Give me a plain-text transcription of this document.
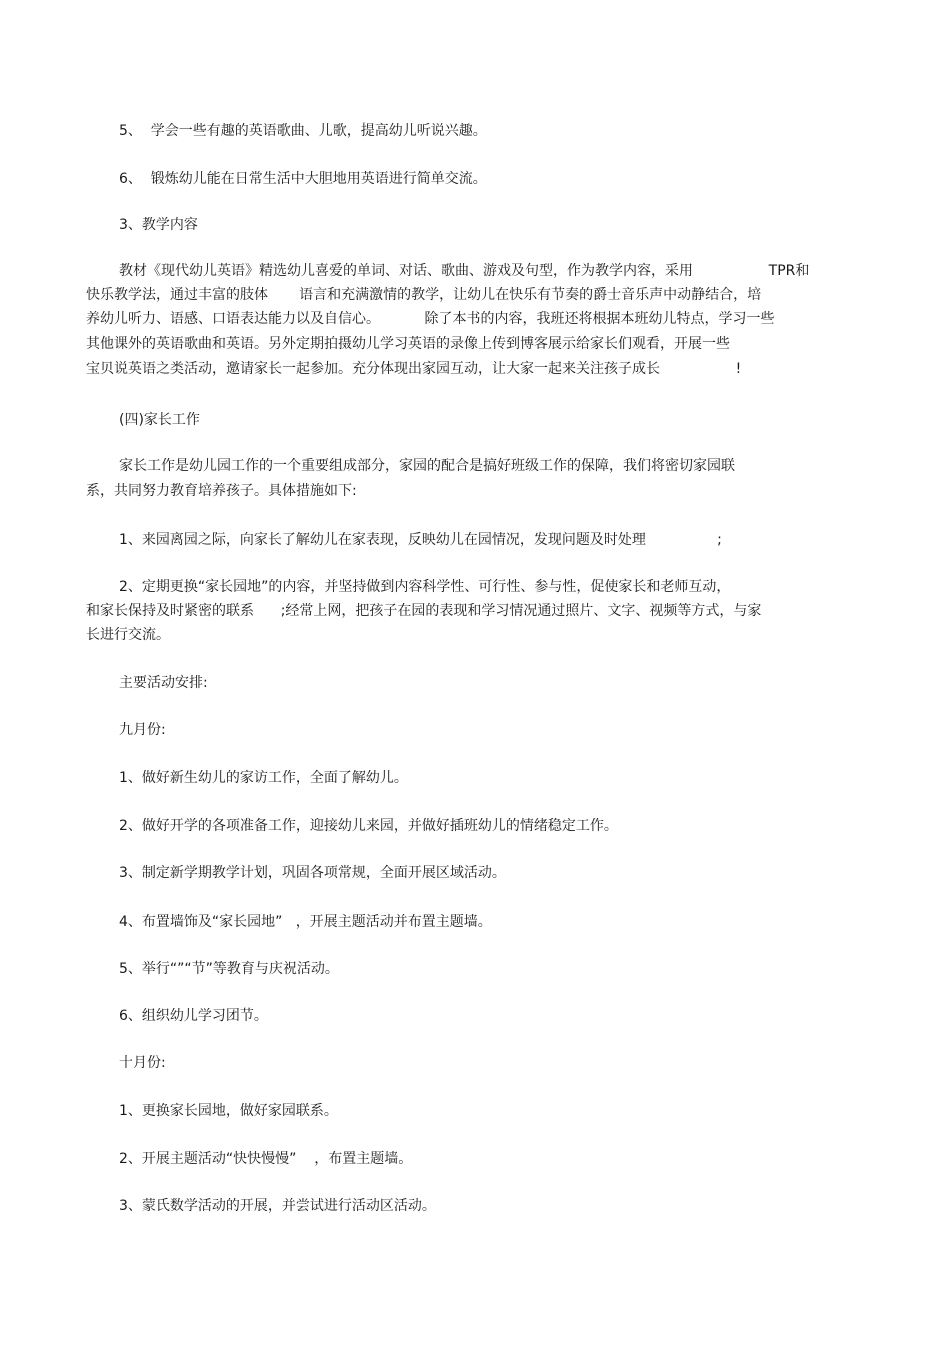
5、  学会一些有趣的英语歌曲、儿歌，提高幼儿听说兴趣。
6、  锻炼幼儿能在日常生活中大胆地用英语进行简单交流。
3、教学内容
教材《现代幼儿英语》精选幼儿喜爱的单词、对话、歌曲、游戏及句型，作为教学内容，采用                 TPR和
快乐教学法，通过丰富的肢体       语言和充满激情的教学，让幼儿在快乐有节奏的爵士音乐声中动静结合，培
养幼儿听力、语感、口语表达能力以及自信心。          除了本书的内容，我班还将根据本班幼儿特点，学习一些
其他课外的英语歌曲和英语。另外定期拍摄幼儿学习英语的录像上传到博客展示给家长们观看，开展一些
宝贝说英语之类活动，邀请家长一起参加。充分体现出家园互动，让大家一起来关注孩子成长                 !
(四)家长工作
家长工作是幼儿园工作的一个重要组成部分，家园的配合是搞好班级工作的保障，我们将密切家园联
系，共同努力教育培养孩子。具体措施如下:
1、来园离园之际，向家长了解幼儿在家表现，反映幼儿在园情况，发现问题及时处理                ;
2、定期更换“家长园地”的内容，并坚持做到内容科学性、可行性、参与性，促使家长和老师互动，
和家长保持及时紧密的联系      ;经常上网，把孩子在园的表现和学习情况通过照片、文字、视频等方式，与家
长进行交流。
主要活动安排:
九月份:
1、做好新生幼儿的家访工作，全面了解幼儿。
2、做好开学的各项准备工作，迎接幼儿来园，并做好插班幼儿的情绪稳定工作。
3、制定新学期教学计划，巩固各项常规，全面开展区域活动。
4、布置墙饰及“家长园地”   ，开展主题活动并布置主题墙。
5、举行“”“节”等教育与庆祝活动。
6、组织幼儿学习团节。
十月份:
1、更换家长园地，做好家园联系。
2、开展主题活动“快快慢慢”    ，布置主题墙。
3、蒙氏数学活动的开展，并尝试进行活动区活动。
